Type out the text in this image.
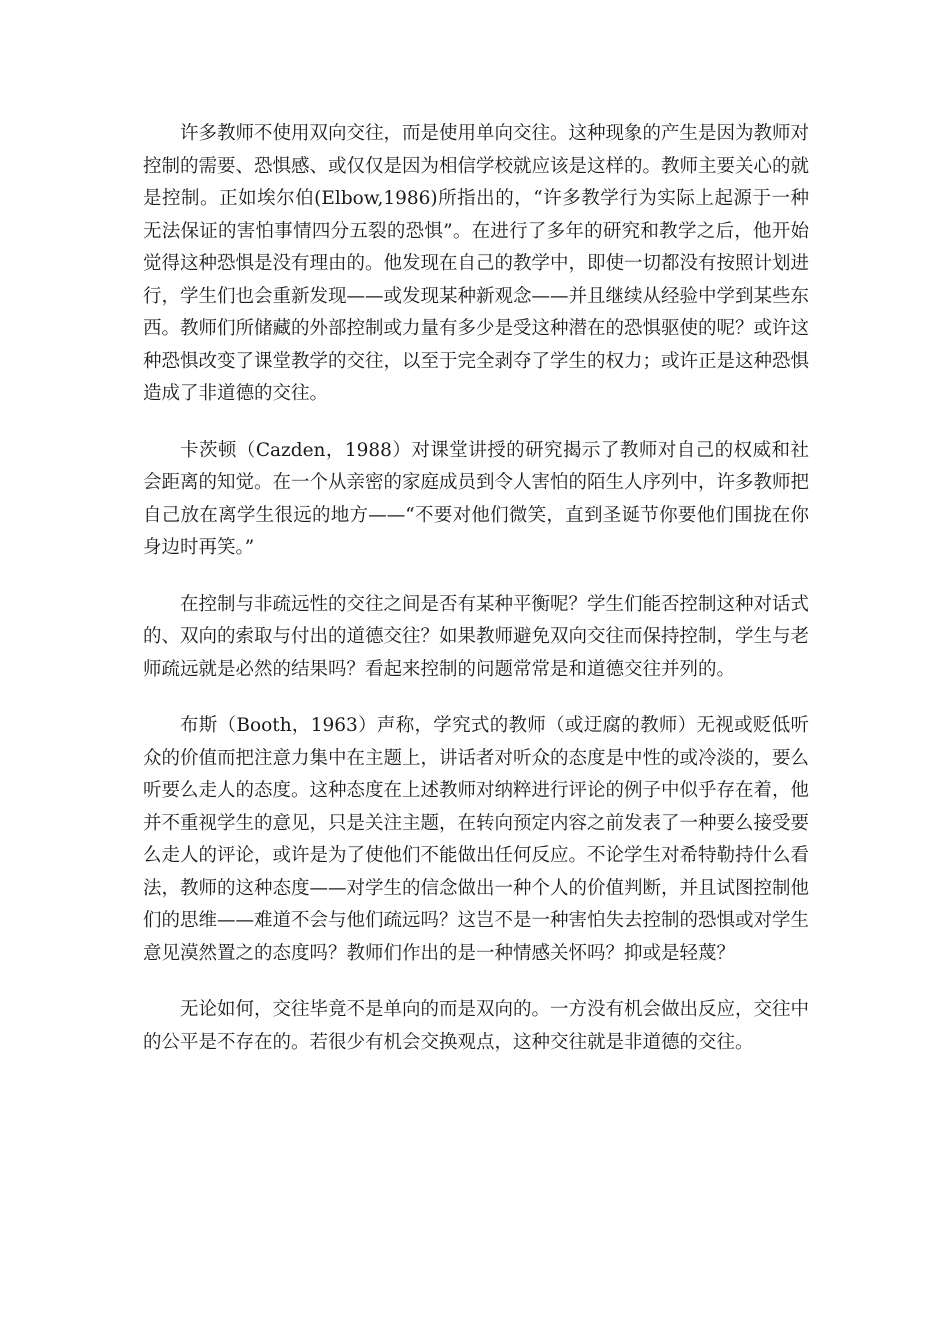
许多教师不使用双向交往，而是使用单向交往。这种现象的产生是因为教师对控制的需要、恐惧感、或仅仅是因为相信学校就应该是这样的。教师主要关心的就是控制。正如埃尔伯(Elbow,1986)所指出的，“许多教学行为实际上起源于一种无法保证的害怕事情四分五裂的恐惧”。在进行了多年的研究和教学之后，他开始觉得这种恐惧是没有理由的。他发现在自己的教学中，即使一切都没有按照计划进行，学生们也会重新发现——或发现某种新观念——并且继续从经验中学到某些东西。教师们所储藏的外部控制或力量有多少是受这种潜在的恐惧驱使的呢？或许这种恐惧改变了课堂教学的交往，以至于完全剥夺了学生的权力；或许正是这种恐惧造成了非道德的交往。

卡茨顿（Cazden，1988）对课堂讲授的研究揭示了教师对自己的权威和社会距离的知觉。在一个从亲密的家庭成员到令人害怕的陌生人序列中，许多教师把自己放在离学生很远的地方——“不要对他们微笑，直到圣诞节你要他们围拢在你身边时再笑。”

在控制与非疏远性的交往之间是否有某种平衡呢？学生们能否控制这种对话式的、双向的索取与付出的道德交往？如果教师避免双向交往而保持控制，学生与老师疏远就是必然的结果吗？看起来控制的问题常常是和道德交往并列的。

布斯（Booth，1963）声称，学究式的教师（或迂腐的教师）无视或贬低听众的价值而把注意力集中在主题上，讲话者对听众的态度是中性的或冷淡的，要么听要么走人的态度。这种态度在上述教师对纳粹进行评论的例子中似乎存在着，他并不重视学生的意见，只是关注主题，在转向预定内容之前发表了一种要么接受要么走人的评论，或许是为了使他们不能做出任何反应。不论学生对希特勒持什么看法，教师的这种态度——对学生的信念做出一种个人的价值判断，并且试图控制他们的思维——难道不会与他们疏远吗？这岂不是一种害怕失去控制的恐惧或对学生意见漠然置之的态度吗？教师们作出的是一种情感关怀吗？抑或是轻蔑？

无论如何，交往毕竟不是单向的而是双向的。一方没有机会做出反应，交往中的公平是不存在的。若很少有机会交换观点，这种交往就是非道德的交往。
